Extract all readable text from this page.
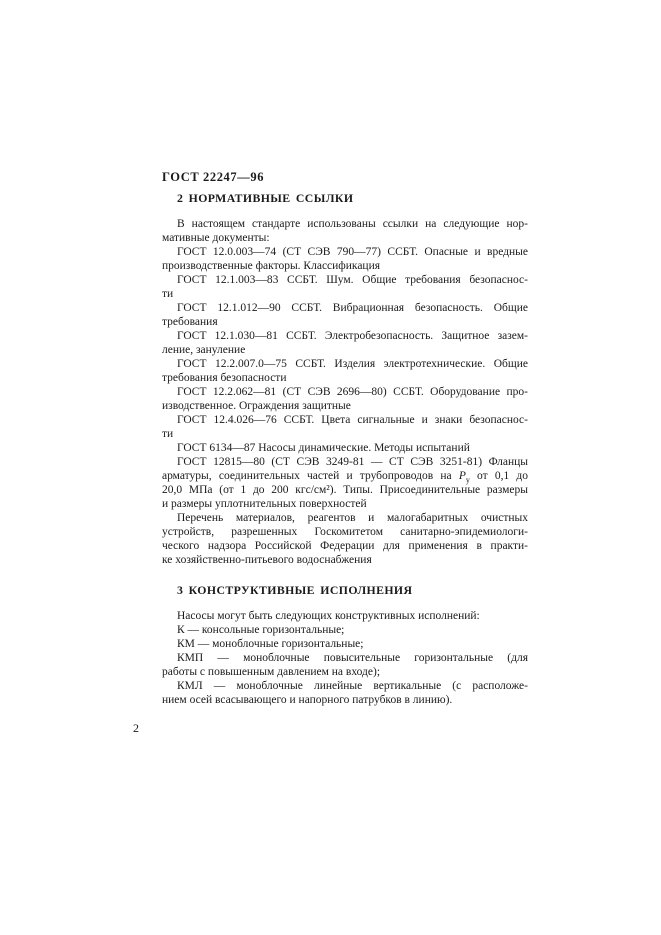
ГОСТ 22247—96
2 НОРМАТИВНЫЕ ССЫЛКИ
В настоящем стандарте использованы ссылки на следующие нор-
мативные документы:
ГОСТ 12.0.003—74 (СТ СЭВ 790—77) ССБТ. Опасные и вредные
производственные факторы. Классификация
ГОСТ 12.1.003—83 ССБТ. Шум. Общие требования безопаснос-
ти
ГОСТ 12.1.012—90 ССБТ. Вибрационная безопасность. Общие
требования
ГОСТ 12.1.030—81 ССБТ. Электробезопасность. Защитное зазем-
ление, зануление
ГОСТ 12.2.007.0—75 ССБТ. Изделия электротехнические. Общие
требования безопасности
ГОСТ 12.2.062—81 (СТ СЭВ 2696—80) ССБТ. Оборудование про-
изводственное. Ограждения защитные
ГОСТ 12.4.026—76 ССБТ. Цвета сигнальные и знаки безопаснос-
ти
ГОСТ 6134—87 Насосы динамические. Методы испытаний
ГОСТ 12815—80 (СТ СЭВ 3249-81 — СТ СЭВ 3251-81) Фланцы
арматуры, соединительных частей и трубопроводов на $P_у$ от 0,1 до
20,0 МПа (от 1 до 200 кгс/см²). Типы. Присоединительные размеры
и размеры уплотнительных поверхностей
Перечень материалов, реагентов и малогабаритных очистных
устройств, разрешенных Госкомитетом санитарно-эпидемиологи-
ческого надзора Российской Федерации для применения в практи-
ке хозяйственно-питьевого водоснабжения
3 КОНСТРУКТИВНЫЕ ИСПОЛНЕНИЯ
Насосы могут быть следующих конструктивных исполнений:
К — консольные горизонтальные;
КМ — моноблочные горизонтальные;
КМП — моноблочные повысительные горизонтальные (для
работы с повышенным давлением на входе);
КМЛ — моноблочные линейные вертикальные (с расположе-
нием осей всасывающего и напорного патрубков в линию).
2
